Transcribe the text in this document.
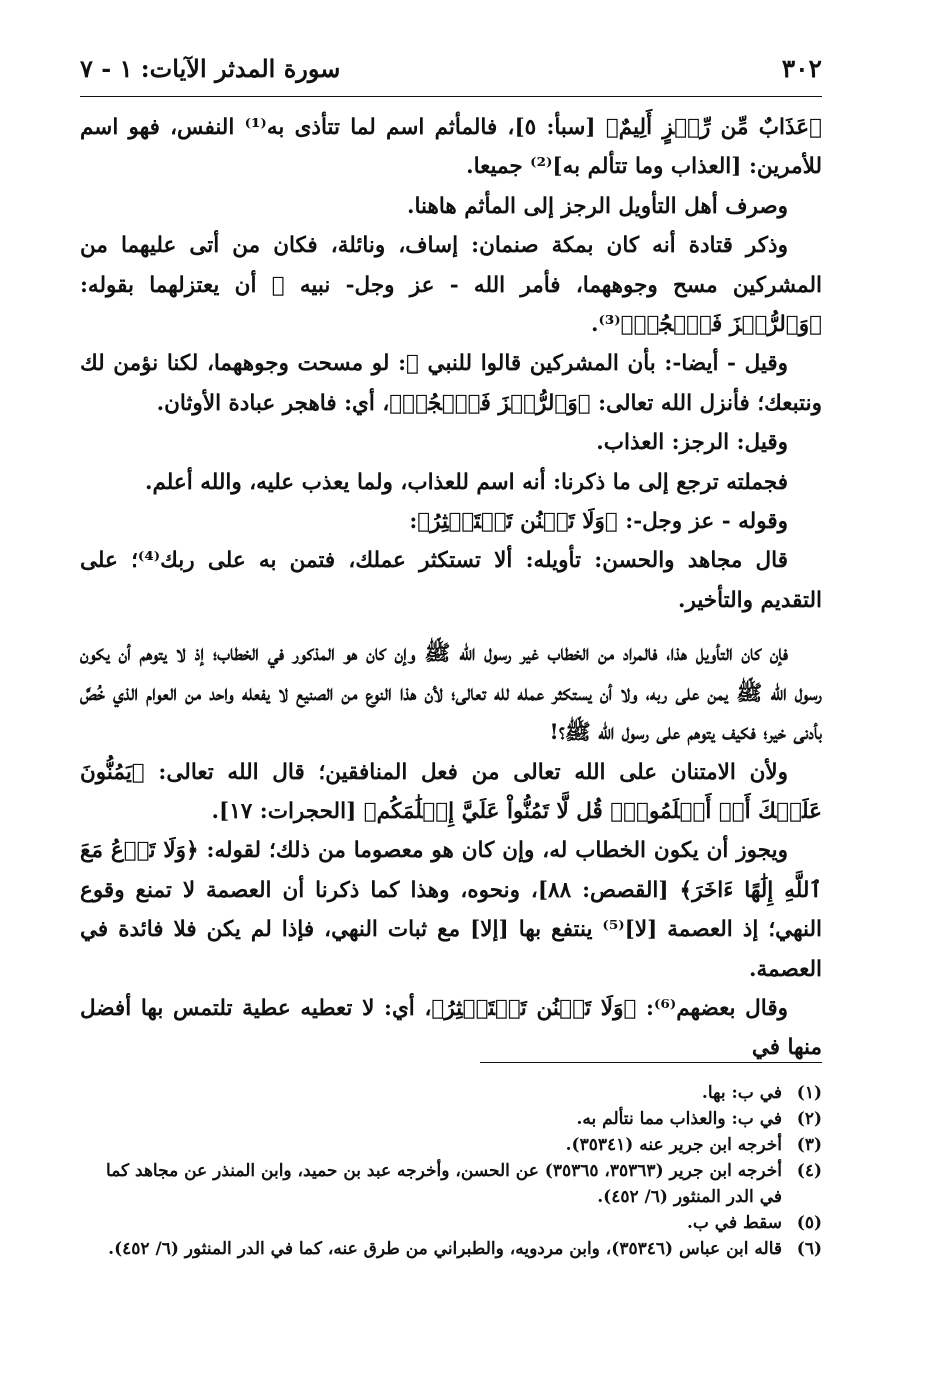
٣٠٢
سورة المدثر الآيات: ١ - ٧

﴿عَذَابٌ مِّن رِّجۡزٍ أَلِيمٌ﴾ [سبأ: ٥]، فالمأثم اسم لما تتأذى به⁽¹⁾ النفس، فهو اسم للأمرين: [العذاب وما تتألم به]⁽²⁾ جميعا.

وصرف أهل التأويل الرجز إلى المأثم هاهنا.

وذكر قتادة أنه كان بمكة صنمان: إساف، ونائلة، فكان من أتى عليهما من المشركين مسح وجوههما، فأمر الله - عز وجل- نبيه ﷺ أن يعتزلهما بقوله: ﴿وَٱلرُّجۡزَ فَٱهۡجُرۡ﴾⁽³⁾.

وقيل - أيضا-: بأن المشركين قالوا للنبي ﷺ: لو مسحت وجوههما، لكنا نؤمن لك ونتبعك؛ فأنزل الله تعالى: ﴿وَٱلرُّجۡزَ فَٱهۡجُرۡ﴾، أي: فاهجر عبادة الأوثان.

وقيل: الرجز: العذاب.

فجملته ترجع إلى ما ذكرنا: أنه اسم للعذاب، ولما يعذب عليه، والله أعلم.

وقوله - عز وجل-: ﴿وَلَا تَمۡنُن تَسۡتَكۡثِرُ﴾:

قال مجاهد والحسن: تأويله: ألا تستكثر عملك، فتمن به على ربك⁽⁴⁾؛ على التقديم والتأخير.

فإن كان التأويل هذا، فالمراد من الخطاب غير رسول الله ﷺ وإن كان هو المذكور في الخطاب؛ إذ لا يتوهم أن يكون رسول الله ﷺ يمن على ربه، ولا أن يستكثر عمله لله تعالى؛ لأن هذا النوع من الصنيع لا يفعله واحد من العوام الذي خُصَّ بأدنى خير؛ فكيف يتوهم على رسول الله ﷺ؟!

ولأن الامتنان على الله تعالى من فعل المنافقين؛ قال الله تعالى: ﴿يَمُنُّونَ عَلَيۡكَ أَنۡ أَسۡلَمُواْۖ قُل لَّا تَمُنُّواْ عَلَيَّ إِسۡلَٰمَكُم﴾ [الحجرات: ١٧].

ويجوز أن يكون الخطاب له، وإن كان هو معصوما من ذلك؛ لقوله: ﴿وَلَا تَدۡعُ مَعَ ٱللَّهِ إِلَٰهًا ءَاخَرَ﴾ [القصص: ٨٨]، ونحوه، وهذا كما ذكرنا أن العصمة لا تمنع وقوع النهي؛ إذ العصمة [لا]⁽⁵⁾ ينتفع بها [إلا] مع ثبات النهي، فإذا لم يكن فلا فائدة في العصمة.

وقال بعضهم⁽⁶⁾: ﴿وَلَا تَمۡنُن تَسۡتَكۡثِرُ﴾، أي: لا تعطيه عطية تلتمس بها أفضل منها في

(١)
في ب: بها.
(٢)
في ب: والعذاب مما نتألم به.
(٣)
أخرجه ابن جرير عنه (٣٥٣٤١).
(٤)
أخرجه ابن جرير (٣٥٣٦٣، ٣٥٣٦٥) عن الحسن، وأخرجه عبد بن حميد، وابن المنذر عن مجاهد كما في الدر المنثور (٦/ ٤٥٢).
(٥)
سقط في ب.
(٦)
قاله ابن عباس (٣٥٣٤٦)، وابن مردويه، والطبراني من طرق عنه، كما في الدر المنثور (٦/ ٤٥٢).
